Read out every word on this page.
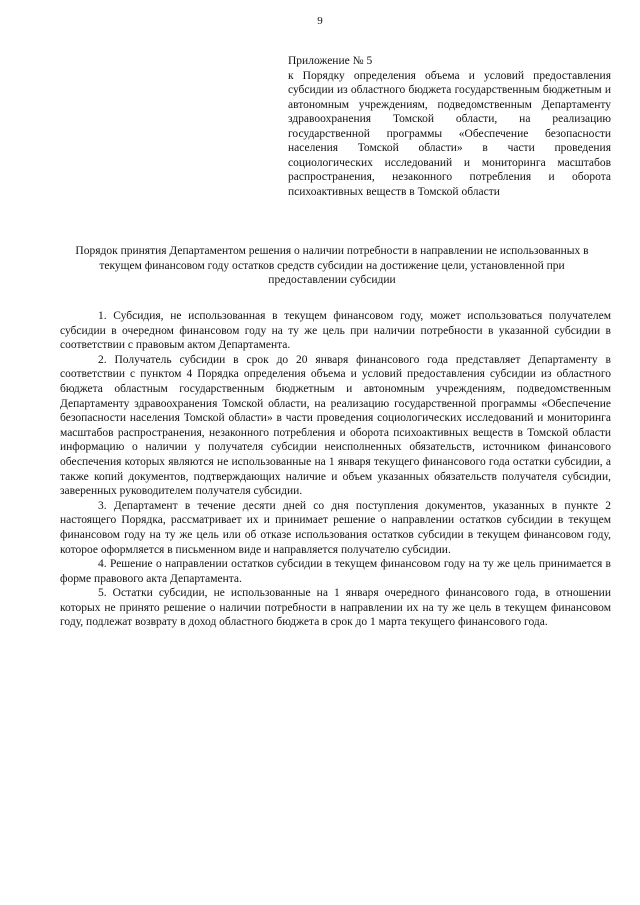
9

Приложение № 5

к Порядку определения объема и условий предоставления субсидии из областного бюджета государственным бюджетным и автономным учреждениям, подведомственным Департаменту здравоохранения Томской области, на реализацию государственной программы «Обеспечение безопасности населения Томской области» в части проведения социологических исследований и мониторинга масштабов распространения, незаконного потребления и оборота психоактивных веществ в Томской области

Порядок принятия Департаментом решения о наличии потребности в направлении не использованных в текущем финансовом году остатков средств субсидии на достижение цели, установленной при предоставлении субсидии

1. Субсидия, не использованная в текущем финансовом году, может использоваться получателем субсидии в очередном финансовом году на ту же цель при наличии потребности в указанной субсидии в соответствии с правовым актом Департамента.

2. Получатель субсидии в срок до 20 января финансового года представляет Департаменту в соответствии с пунктом 4 Порядка определения объема и условий предоставления субсидии из областного бюджета областным государственным бюджетным и автономным учреждениям, подведомственным Департаменту здравоохранения Томской области, на реализацию государственной программы «Обеспечение безопасности населения Томской области» в части проведения социологических исследований и мониторинга масштабов распространения, незаконного потребления и оборота психоактивных веществ в Томской области информацию о наличии у получателя субсидии неисполненных обязательств, источником финансового обеспечения которых являются не использованные на 1 января текущего финансового года остатки субсидии, а также копий документов, подтверждающих наличие и объем указанных обязательств получателя субсидии, заверенных руководителем получателя субсидии.

3. Департамент в течение десяти дней со дня поступления документов, указанных в пункте 2 настоящего Порядка, рассматривает их и принимает решение о направлении остатков субсидии в текущем финансовом году на ту же цель или об отказе использования остатков субсидии в текущем финансовом году, которое оформляется в письменном виде и направляется получателю субсидии.

4. Решение о направлении остатков субсидии в текущем финансовом году на ту же цель принимается в форме правового акта Департамента.

5. Остатки субсидии, не использованные на 1 января очередного финансового года, в отношении которых не принято решение о наличии потребности в направлении их на ту же цель в текущем финансовом году, подлежат возврату в доход областного бюджета в срок до 1 марта текущего финансового года.
